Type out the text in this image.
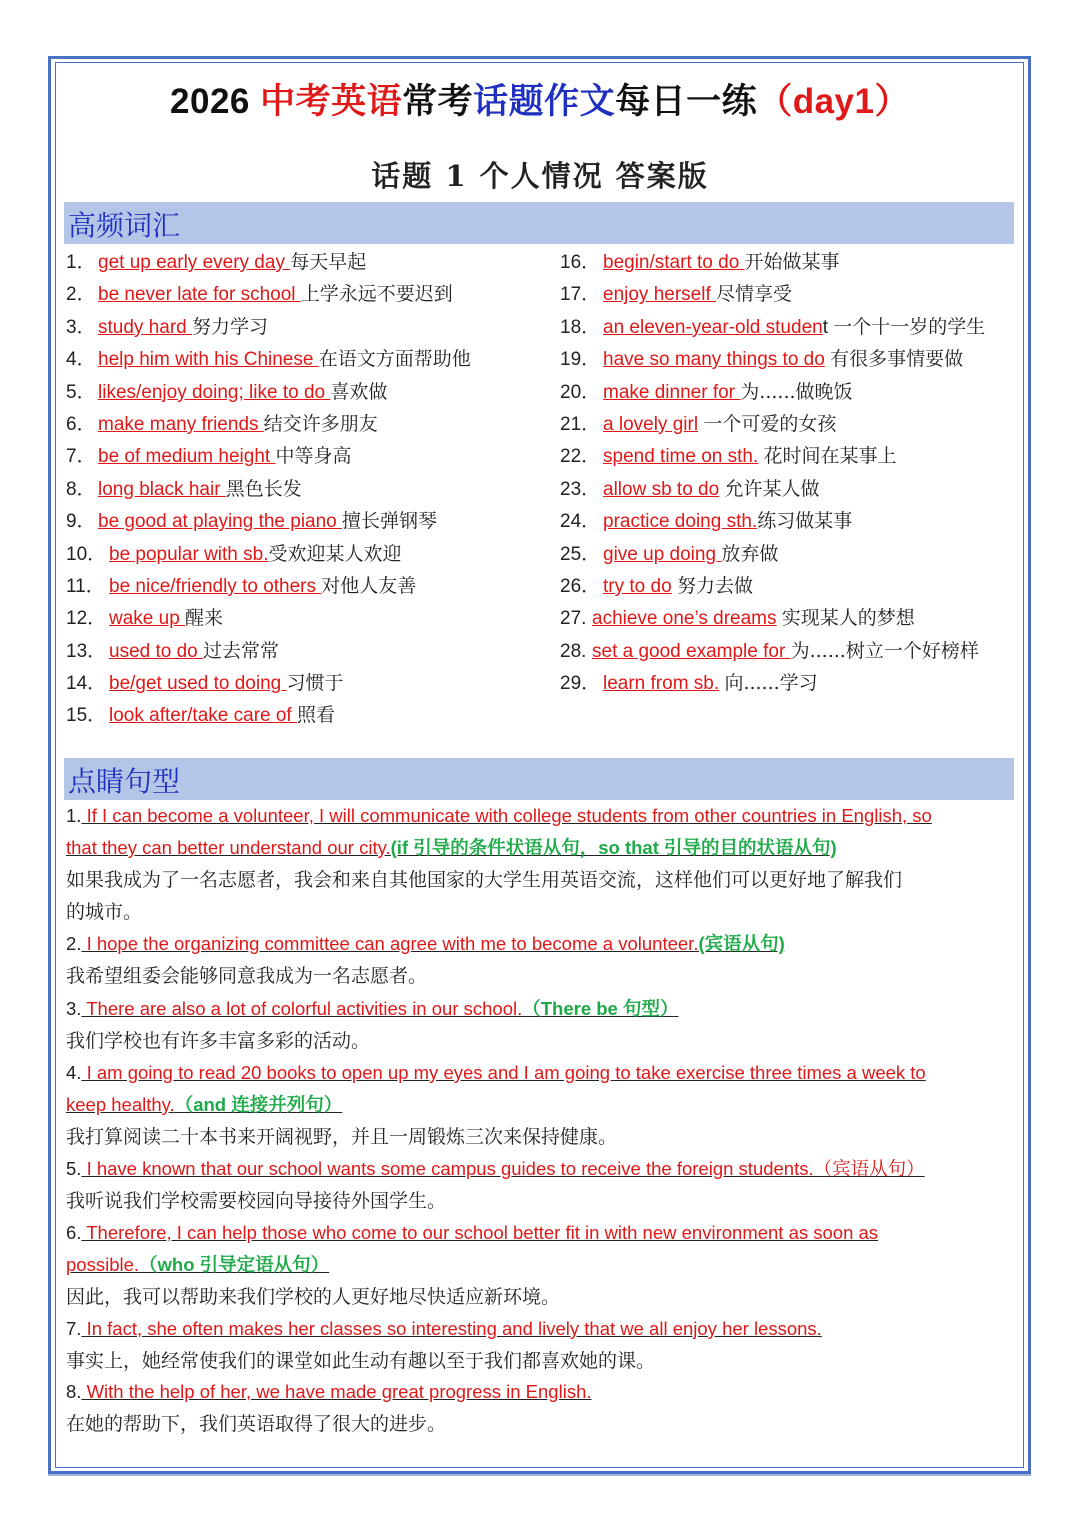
2026 中考英语常考话题作文每日一练（day1）
话题 1 个人情况 答案版
高频词汇
1． get up early every day 每天早起
2． be never late for school 上学永远不要迟到
3． study hard 努力学习
4． help him with his Chinese 在语文方面帮助他
5． likes/enjoy doing; like to do 喜欢做
6． make many friends 结交许多朋友
7． be of medium height 中等身高
8． long black hair 黑色长发
9． be good at playing the piano 擅长弹钢琴
10． be popular with sb.受欢迎某人欢迎
11． be nice/friendly to others 对他人友善
12． wake up 醒来
13． used to do 过去常常
14． be/get used to doing 习惯于
15． look after/take care of 照看
16． begin/start to do 开始做某事
17． enjoy herself 尽情享受
18． an eleven-year-old student 一个十一岁的学生
19． have so many things to do 有很多事情要做
20． make dinner for 为......做晚饭
21． a lovely girl 一个可爱的女孩
22． spend time on sth. 花时间在某事上
23． allow sb to do 允许某人做
24． practice doing sth.练习做某事
25． give up doing 放弃做
26． try to do 努力去做
27. achieve one’s dreams 实现某人的梦想
28. set a good example for 为......树立一个好榜样
29． learn from sb. 向......学习
点睛句型
1. If I can become a volunteer, I will communicate with college students from other countries in English, so
that they can better understand our city.(if 引导的条件状语从句，so that 引导的目的状语从句)
如果我成为了一名志愿者，我会和来自其他国家的大学生用英语交流，这样他们可以更好地了解我们
的城市。
2. I hope the organizing committee can agree with me to become a volunteer.(宾语从句)
我希望组委会能够同意我成为一名志愿者。
3. There are also a lot of colorful activities in our school.（There be 句型）
我们学校也有许多丰富多彩的活动。
4. I am going to read 20 books to open up my eyes and I am going to take exercise three times a week to
keep healthy.（and 连接并列句）
我打算阅读二十本书来开阔视野，并且一周锻炼三次来保持健康。
5. I have known that our school wants some campus guides to receive the foreign students.（宾语从句）
我听说我们学校需要校园向导接待外国学生。
6. Therefore, I can help those who come to our school better fit in with new environment as soon as
possible.（who 引导定语从句）
因此，我可以帮助来我们学校的人更好地尽快适应新环境。
7. In fact, she often makes her classes so interesting and lively that we all enjoy her lessons.
事实上，她经常使我们的课堂如此生动有趣以至于我们都喜欢她的课。
8. With the help of her, we have made great progress in English.
在她的帮助下，我们英语取得了很大的进步。
